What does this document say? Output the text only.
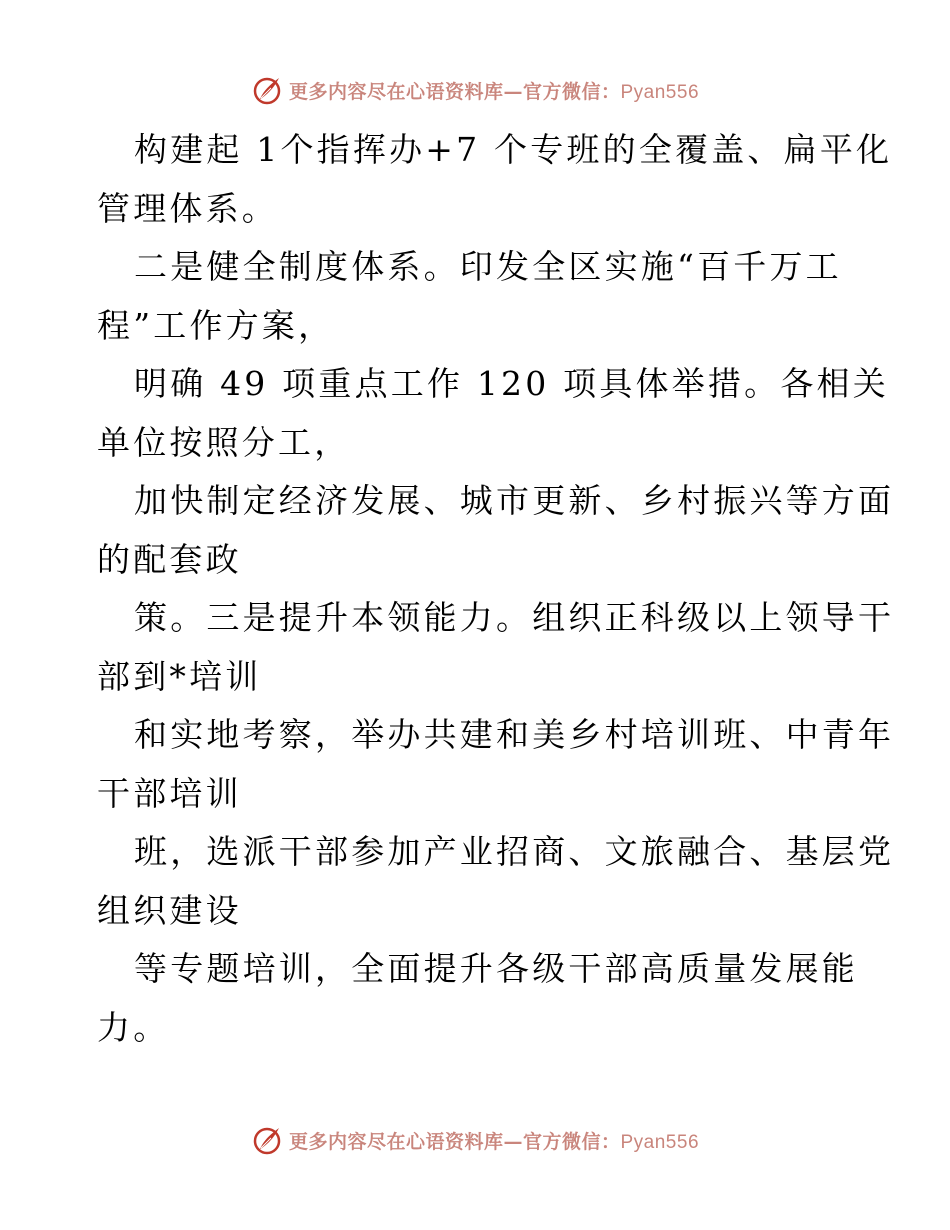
更多内容尽在心语资料库—官方微信：Pyan556
构建起 1个指挥办+7 个专班的全覆盖、扁平化
管理体系。
二是健全制度体系。印发全区实施“百千万工
程”工作方案，
明确 49 项重点工作 120 项具体举措。各相关
单位按照分工，
加快制定经济发展、城市更新、乡村振兴等方面
的配套政
策。三是提升本领能力。组织正科级以上领导干
部到*培训
和实地考察，举办共建和美乡村培训班、中青年
干部培训
班，选派干部参加产业招商、文旅融合、基层党
组织建设
等专题培训，全面提升各级干部高质量发展能
力。
更多内容尽在心语资料库—官方微信：Pyan556
